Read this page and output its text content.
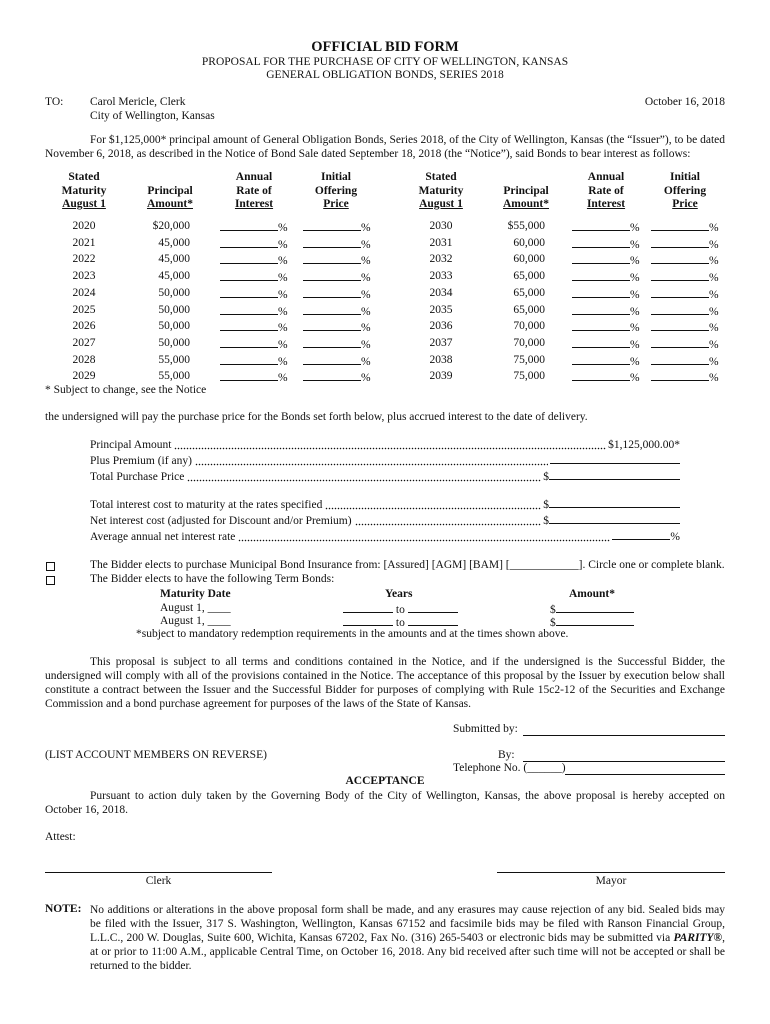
OFFICIAL BID FORM
PROPOSAL FOR THE PURCHASE OF CITY OF WELLINGTON, KANSAS
GENERAL OBLIGATION BONDS, SERIES 2018
TO: Carol Mericle, Clerk
City of Wellington, Kansas
October 16, 2018
For $1,125,000* principal amount of General Obligation Bonds, Series 2018, of the City of Wellington, Kansas (the “Issuer”), to be dated November 6, 2018, as described in the Notice of Bond Sale dated September 18, 2018 (the “Notice”), said Bonds to bear interest as follows:
Stated
Maturity
August 1
Principal
Amount*
Annual
Rate of
Interest
Initial
Offering
Price
Stated
Maturity
August 1
Principal
Amount*
Annual
Rate of
Interest
Initial
Offering
Price
2020	$20,000	%	%
2021	45,000	%	%
2022	45,000	%	%
2023	45,000	%	%
2024	50,000	%	%
2025	50,000	%	%
2026	50,000	%	%
2027	50,000	%	%
2028	55,000	%	%
2029	55,000	%	%
2030	$55,000	%	%
2031	60,000	%	%
2032	60,000	%	%
2033	65,000	%	%
2034	65,000	%	%
2035	65,000	%	%
2036	70,000	%	%
2037	70,000	%	%
2038	75,000	%	%
2039	75,000	%	%
* Subject to change, see the Notice
the undersigned will pay the purchase price for the Bonds set forth below, plus accrued interest to the date of delivery.
Principal Amount	$1,125,000.00*
Plus Premium (if any)
Total Purchase Price	$
Total interest cost to maturity at the rates specified	$
Net interest cost (adjusted for Discount and/or Premium)	$
Average annual net interest rate	%
The Bidder elects to purchase Municipal Bond Insurance from: [Assured] [AGM] [BAM] [____________]. Circle one or complete blank.
The Bidder elects to have the following Term Bonds:
Maturity Date	Years	Amount*
August 1, ____	to	$
August 1, ____	to	$
*subject to mandatory redemption requirements in the amounts and at the times shown above.
This proposal is subject to all terms and conditions contained in the Notice, and if the undersigned is the Successful Bidder, the undersigned will comply with all of the provisions contained in the Notice. The acceptance of this proposal by the Issuer by execution below shall constitute a contract between the Issuer and the Successful Bidder for purposes of complying with Rule 15c2-12 of the Securities and Exchange Commission and a bond purchase agreement for purposes of the laws of the State of Kansas.
Submitted by:
(LIST ACCOUNT MEMBERS ON REVERSE)	By:
Telephone No. (______)
ACCEPTANCE
Pursuant to action duly taken by the Governing Body of the City of Wellington, Kansas, the above proposal is hereby accepted on October 16, 2018.
Attest:
Clerk	Mayor
NOTE: No additions or alterations in the above proposal form shall be made, and any erasures may cause rejection of any bid. Sealed bids may be filed with the Issuer, 317 S. Washington, Wellington, Kansas 67152 and facsimile bids may be filed with Ranson Financial Group, L.L.C., 200 W. Douglas, Suite 600, Wichita, Kansas 67202, Fax No. (316) 265-5403 or electronic bids may be submitted via PARITY®, at or prior to 11:00 A.M., applicable Central Time, on October 16, 2018. Any bid received after such time will not be accepted or shall be returned to the bidder.
